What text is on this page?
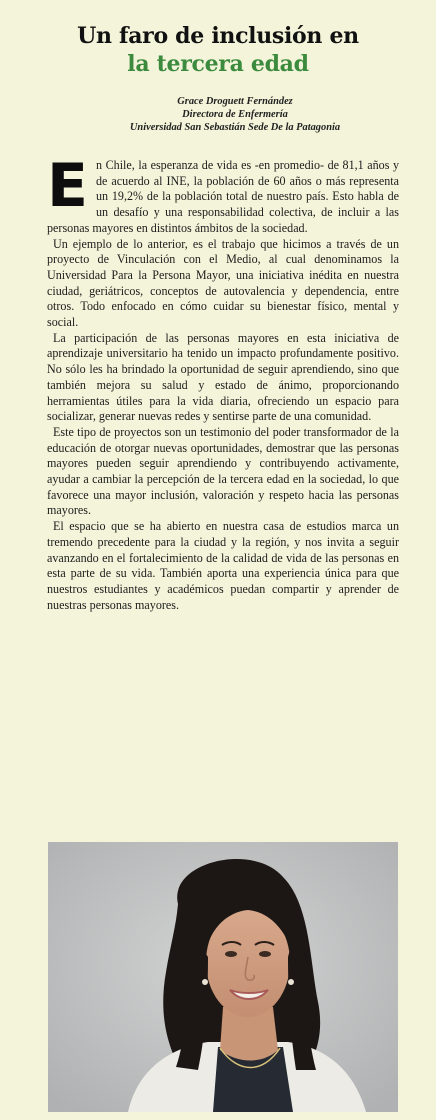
Un faro de inclusión en
la tercera edad
Grace Droguett Fernández
Directora de Enfermería
Universidad San Sebastián Sede De la Patagonia

En Chile, la esperanza de vida es -en promedio- de 81,1 años y de acuerdo al INE, la población de 60 años o más representa un 19,2% de la población total de nuestro país. Esto habla de un desafío y una responsabilidad colectiva, de incluir a las personas mayores en distintos ámbitos de la sociedad.

Un ejemplo de lo anterior, es el trabajo que hicimos a través de un proyecto de Vinculación con el Medio, al cual denominamos la Universidad Para la Persona Mayor, una iniciativa inédita en nuestra ciudad, geriátricos, conceptos de autovalencia y dependencia, entre otros. Todo enfocado en cómo cuidar su bienestar físico, mental y social.

La participación de las personas mayores en esta iniciativa de aprendizaje universitario ha tenido un impacto profundamente positivo. No sólo les ha brindado la oportunidad de seguir aprendiendo, sino que también mejora su salud y estado de ánimo, proporcionando herramientas útiles para la vida diaria, ofreciendo un espacio para socializar, generar nuevas redes y sentirse parte de una comunidad.

Este tipo de proyectos son un testimonio del poder transformador de la educación de otorgar nuevas oportunidades, demostrar que las personas mayores pueden seguir aprendiendo y contribuyendo activamente, ayudar a cambiar la percepción de la tercera edad en la sociedad, lo que favorece una mayor inclusión, valoración y respeto hacia las personas mayores.

El espacio que se ha abierto en nuestra casa de estudios marca un tremendo precedente para la ciudad y la región, y nos invita a seguir avanzando en el fortalecimiento de la calidad de vida de las personas en esta parte de su vida. También aporta una experiencia única para que nuestros estudiantes y académicos puedan compartir y aprender de nuestras personas mayores.
